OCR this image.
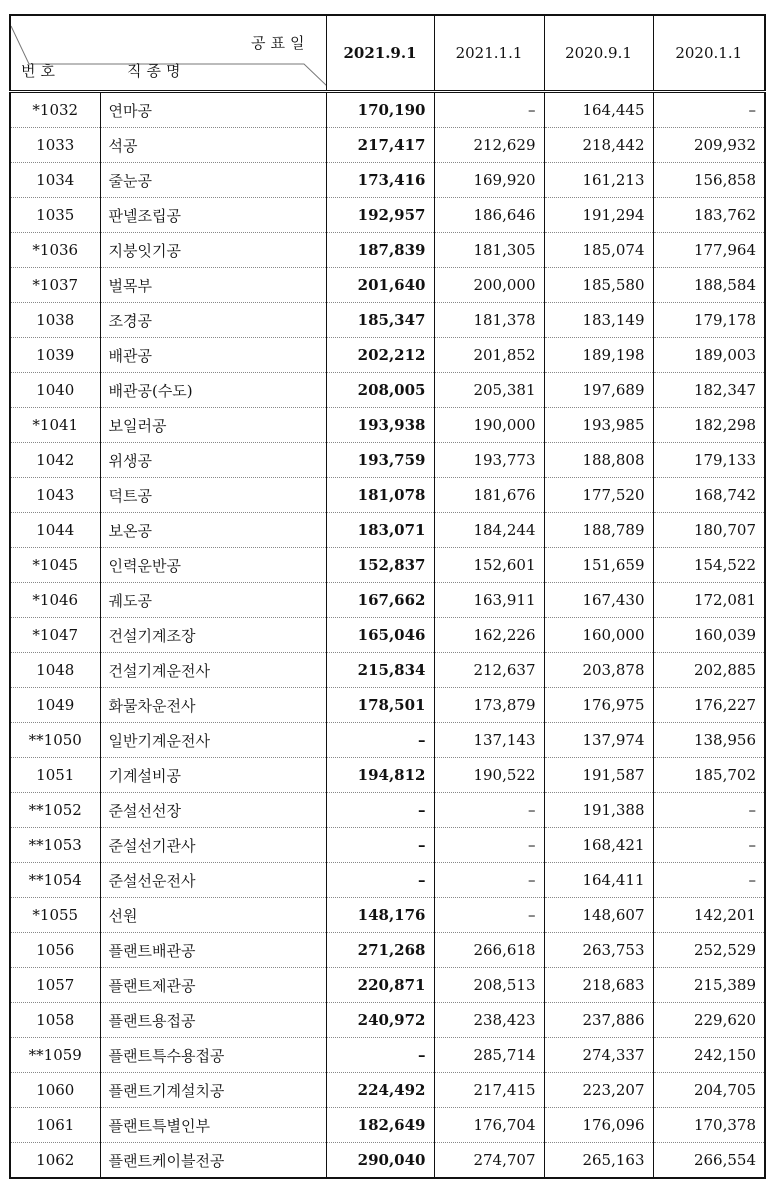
공표일
번호 직종명		2021.9.1	2021.1.1	2020.9.1	2020.1.1
*1032	연마공	170,190	–	164,445	–
1033	석공	217,417	212,629	218,442	209,932
1034	줄눈공	173,416	169,920	161,213	156,858
1035	판넬조립공	192,957	186,646	191,294	183,762
*1036	지붕잇기공	187,839	181,305	185,074	177,964
*1037	벌목부	201,640	200,000	185,580	188,584
1038	조경공	185,347	181,378	183,149	179,178
1039	배관공	202,212	201,852	189,198	189,003
1040	배관공(수도)	208,005	205,381	197,689	182,347
*1041	보일러공	193,938	190,000	193,985	182,298
1042	위생공	193,759	193,773	188,808	179,133
1043	덕트공	181,078	181,676	177,520	168,742
1044	보온공	183,071	184,244	188,789	180,707
*1045	인력운반공	152,837	152,601	151,659	154,522
*1046	궤도공	167,662	163,911	167,430	172,081
*1047	건설기계조장	165,046	162,226	160,000	160,039
1048	건설기계운전사	215,834	212,637	203,878	202,885
1049	화물차운전사	178,501	173,879	176,975	176,227
**1050	일반기계운전사	–	137,143	137,974	138,956
1051	기계설비공	194,812	190,522	191,587	185,702
**1052	준설선선장	–	–	191,388	–
**1053	준설선기관사	–	–	168,421	–
**1054	준설선운전사	–	–	164,411	–
*1055	선원	148,176	–	148,607	142,201
1056	플랜트배관공	271,268	266,618	263,753	252,529
1057	플랜트제관공	220,871	208,513	218,683	215,389
1058	플랜트용접공	240,972	238,423	237,886	229,620
**1059	플랜트특수용접공	–	285,714	274,337	242,150
1060	플랜트기계설치공	224,492	217,415	223,207	204,705
1061	플랜트특별인부	182,649	176,704	176,096	170,378
1062	플랜트케이블전공	290,040	274,707	265,163	266,554
